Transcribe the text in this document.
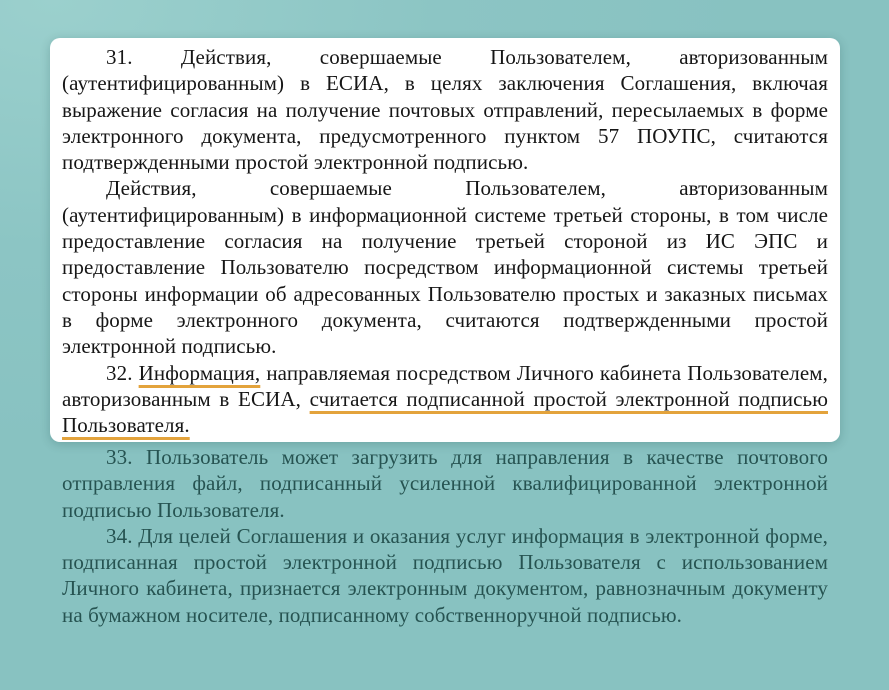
31. Действия, совершаемые Пользователем, авторизованным (аутентифицированным) в ЕСИА, в целях заключения Соглашения, включая выражение согласия на получение почтовых отправлений, пересылаемых в форме электронного документа, предусмотренного пунктом 57 ПОУПС, считаются подтвержденными простой электронной подписью.

Действия, совершаемые Пользователем, авторизованным (аутентифицированным) в информационной системе третьей стороны, в том числе предоставление согласия на получение третьей стороной из ИС ЭПС и предоставление Пользователю посредством информационной системы третьей стороны информации об адресованных Пользователю простых и заказных письмах в форме электронного документа, считаются подтвержденными простой электронной подписью.

32. Информация, направляемая посредством Личного кабинета Пользователем, авторизованным в ЕСИА, считается подписанной простой электронной подписью Пользователя.

33. Пользователь может загрузить для направления в качестве почтового отправления файл, подписанный усиленной квалифицированной электронной подписью Пользователя.

34. Для целей Соглашения и оказания услуг информация в электронной форме, подписанная простой электронной подписью Пользователя с использованием Личного кабинета, признается электронным документом, равнозначным документу на бумажном носителе, подписанному собственноручной подписью.
